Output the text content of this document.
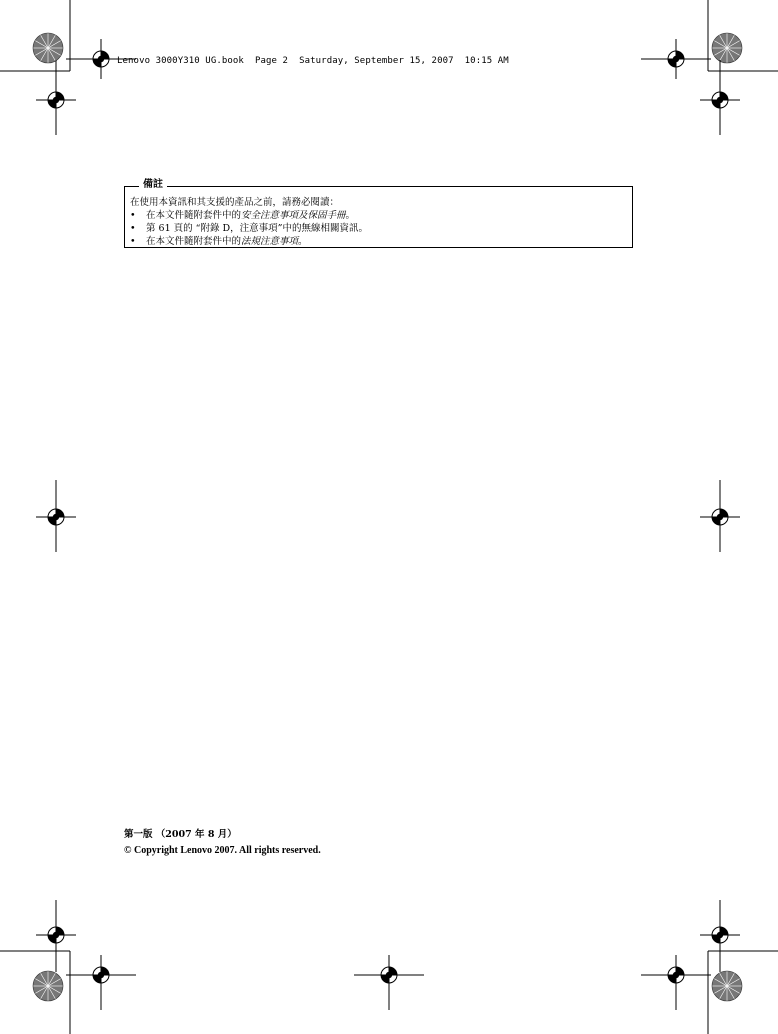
Lenovo 3000Y310 UG.book  Page 2  Saturday, September 15, 2007  10:15 AM
備註

在使用本資訊和其支援的產品之前，請務必閱讀：

• 在本文件隨附套件中的安全注意事項及保固手冊。
• 第 61 頁的 “附錄 D，注意事項”中的無線相關資訊。
• 在本文件隨附套件中的法規注意事項。
第一版 （2007 年 8 月）
© Copyright Lenovo 2007. All rights reserved.
